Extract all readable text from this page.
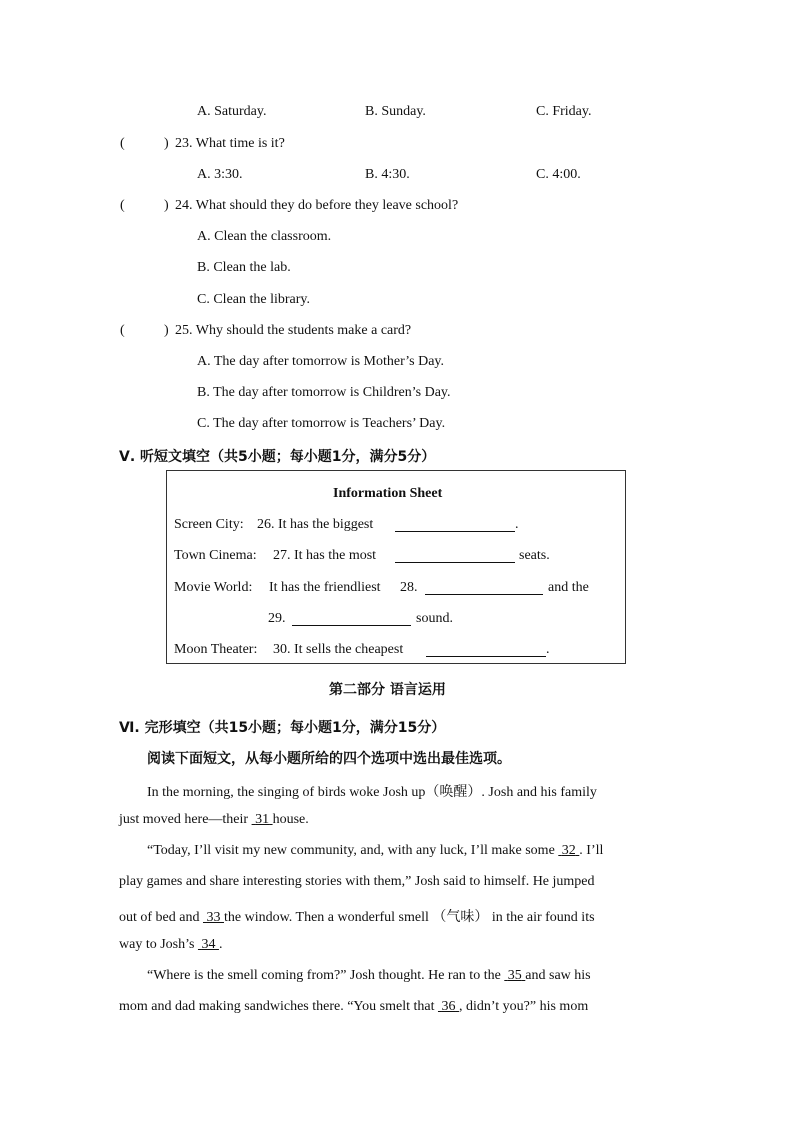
A. Saturday.	B. Sunday.	C. Friday.
(	) 23. What time is it?
A. 3:30.	B. 4:30.	C. 4:00.
(	) 24. What should they do before they leave school?
A. Clean the classroom.
B. Clean the lab.
C. Clean the library.
(	) 25. Why should the students make a card?
A. The day after tomorrow is Mother’s Day.
B. The day after tomorrow is Children’s Day.
C. The day after tomorrow is Teachers’ Day.
Ⅴ. 听短文填空（共5小题；每小题1分，满分5分）
Information Sheet
Screen City: 26. It has the biggest	.
Town Cinema: 27. It has the most	seats.
Movie World: It has the friendliest 28.	and the
29.	sound.
Moon Theater: 30. It sells the cheapest	.
第二部分 语言运用
Ⅵ. 完形填空（共15小题；每小题1分，满分15分）
阅读下面短文，从每小题所给的四个选项中选出最佳选项。
In the morning, the singing of birds woke Josh up（唤醒）. Josh and his family
just moved here—their 31 house.
“Today, I’ll visit my new community, and, with any luck, I’ll make some 32 . I’ll
play games and share interesting stories with them,” Josh said to himself. He jumped
out of bed and 33 the window. Then a wonderful smell （气味） in the air found its
way to Josh’s 34 .
“Where is the smell coming from?” Josh thought. He ran to the 35 and saw his
mom and dad making sandwiches there. “You smelt that 36 , didn’t you?” his mom
